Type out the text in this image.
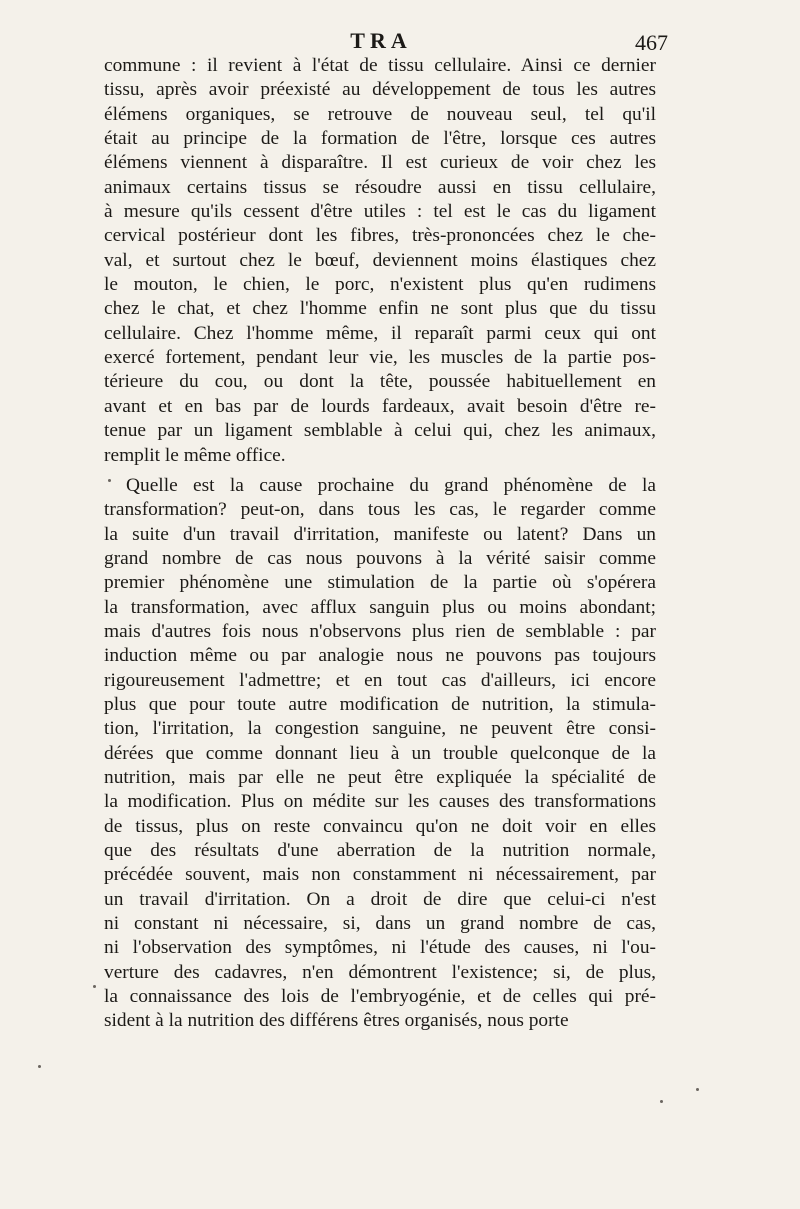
TRA	467
commune : il revient à l'état de tissu cellulaire. Ainsi ce dernier
tissu, après avoir préexisté au développement de tous les autres
élémens organiques, se retrouve de nouveau seul, tel qu'il
était au principe de la formation de l'être, lorsque ces autres
élémens viennent à disparaître. Il est curieux de voir chez les
animaux certains tissus se résoudre aussi en tissu cellulaire,
à mesure qu'ils cessent d'être utiles : tel est le cas du ligament
cervical postérieur dont les fibres, très-prononcées chez le che-
val, et surtout chez le bœuf, deviennent moins élastiques chez
le mouton, le chien, le porc, n'existent plus qu'en rudimens
chez le chat, et chez l'homme enfin ne sont plus que du tissu
cellulaire. Chez l'homme même, il reparaît parmi ceux qui ont
exercé fortement, pendant leur vie, les muscles de la partie pos-
térieure du cou, ou dont la tête, poussée habituellement en
avant et en bas par de lourds fardeaux, avait besoin d'être re-
tenue par un ligament semblable à celui qui, chez les animaux,
remplit le même office.
Quelle est la cause prochaine du grand phénomène de la
transformation? peut-on, dans tous les cas, le regarder comme
la suite d'un travail d'irritation, manifeste ou latent? Dans un
grand nombre de cas nous pouvons à la vérité saisir comme
premier phénomène une stimulation de la partie où s'opérera
la transformation, avec afflux sanguin plus ou moins abondant;
mais d'autres fois nous n'observons plus rien de semblable : par
induction même ou par analogie nous ne pouvons pas toujours
rigoureusement l'admettre; et en tout cas d'ailleurs, ici encore
plus que pour toute autre modification de nutrition, la stimula-
tion, l'irritation, la congestion sanguine, ne peuvent être consi-
dérées que comme donnant lieu à un trouble quelconque de la
nutrition, mais par elle ne peut être expliquée la spécialité de
la modification. Plus on médite sur les causes des transformations
de tissus, plus on reste convaincu qu'on ne doit voir en elles
que des résultats d'une aberration de la nutrition normale,
précédée souvent, mais non constamment ni nécessairement, par
un travail d'irritation. On a droit de dire que celui-ci n'est
ni constant ni nécessaire, si, dans un grand nombre de cas,
ni l'observation des symptômes, ni l'étude des causes, ni l'ou-
verture des cadavres, n'en démontrent l'existence; si, de plus,
la connaissance des lois de l'embryogénie, et de celles qui pré-
sident à la nutrition des différens êtres organisés, nous porte
